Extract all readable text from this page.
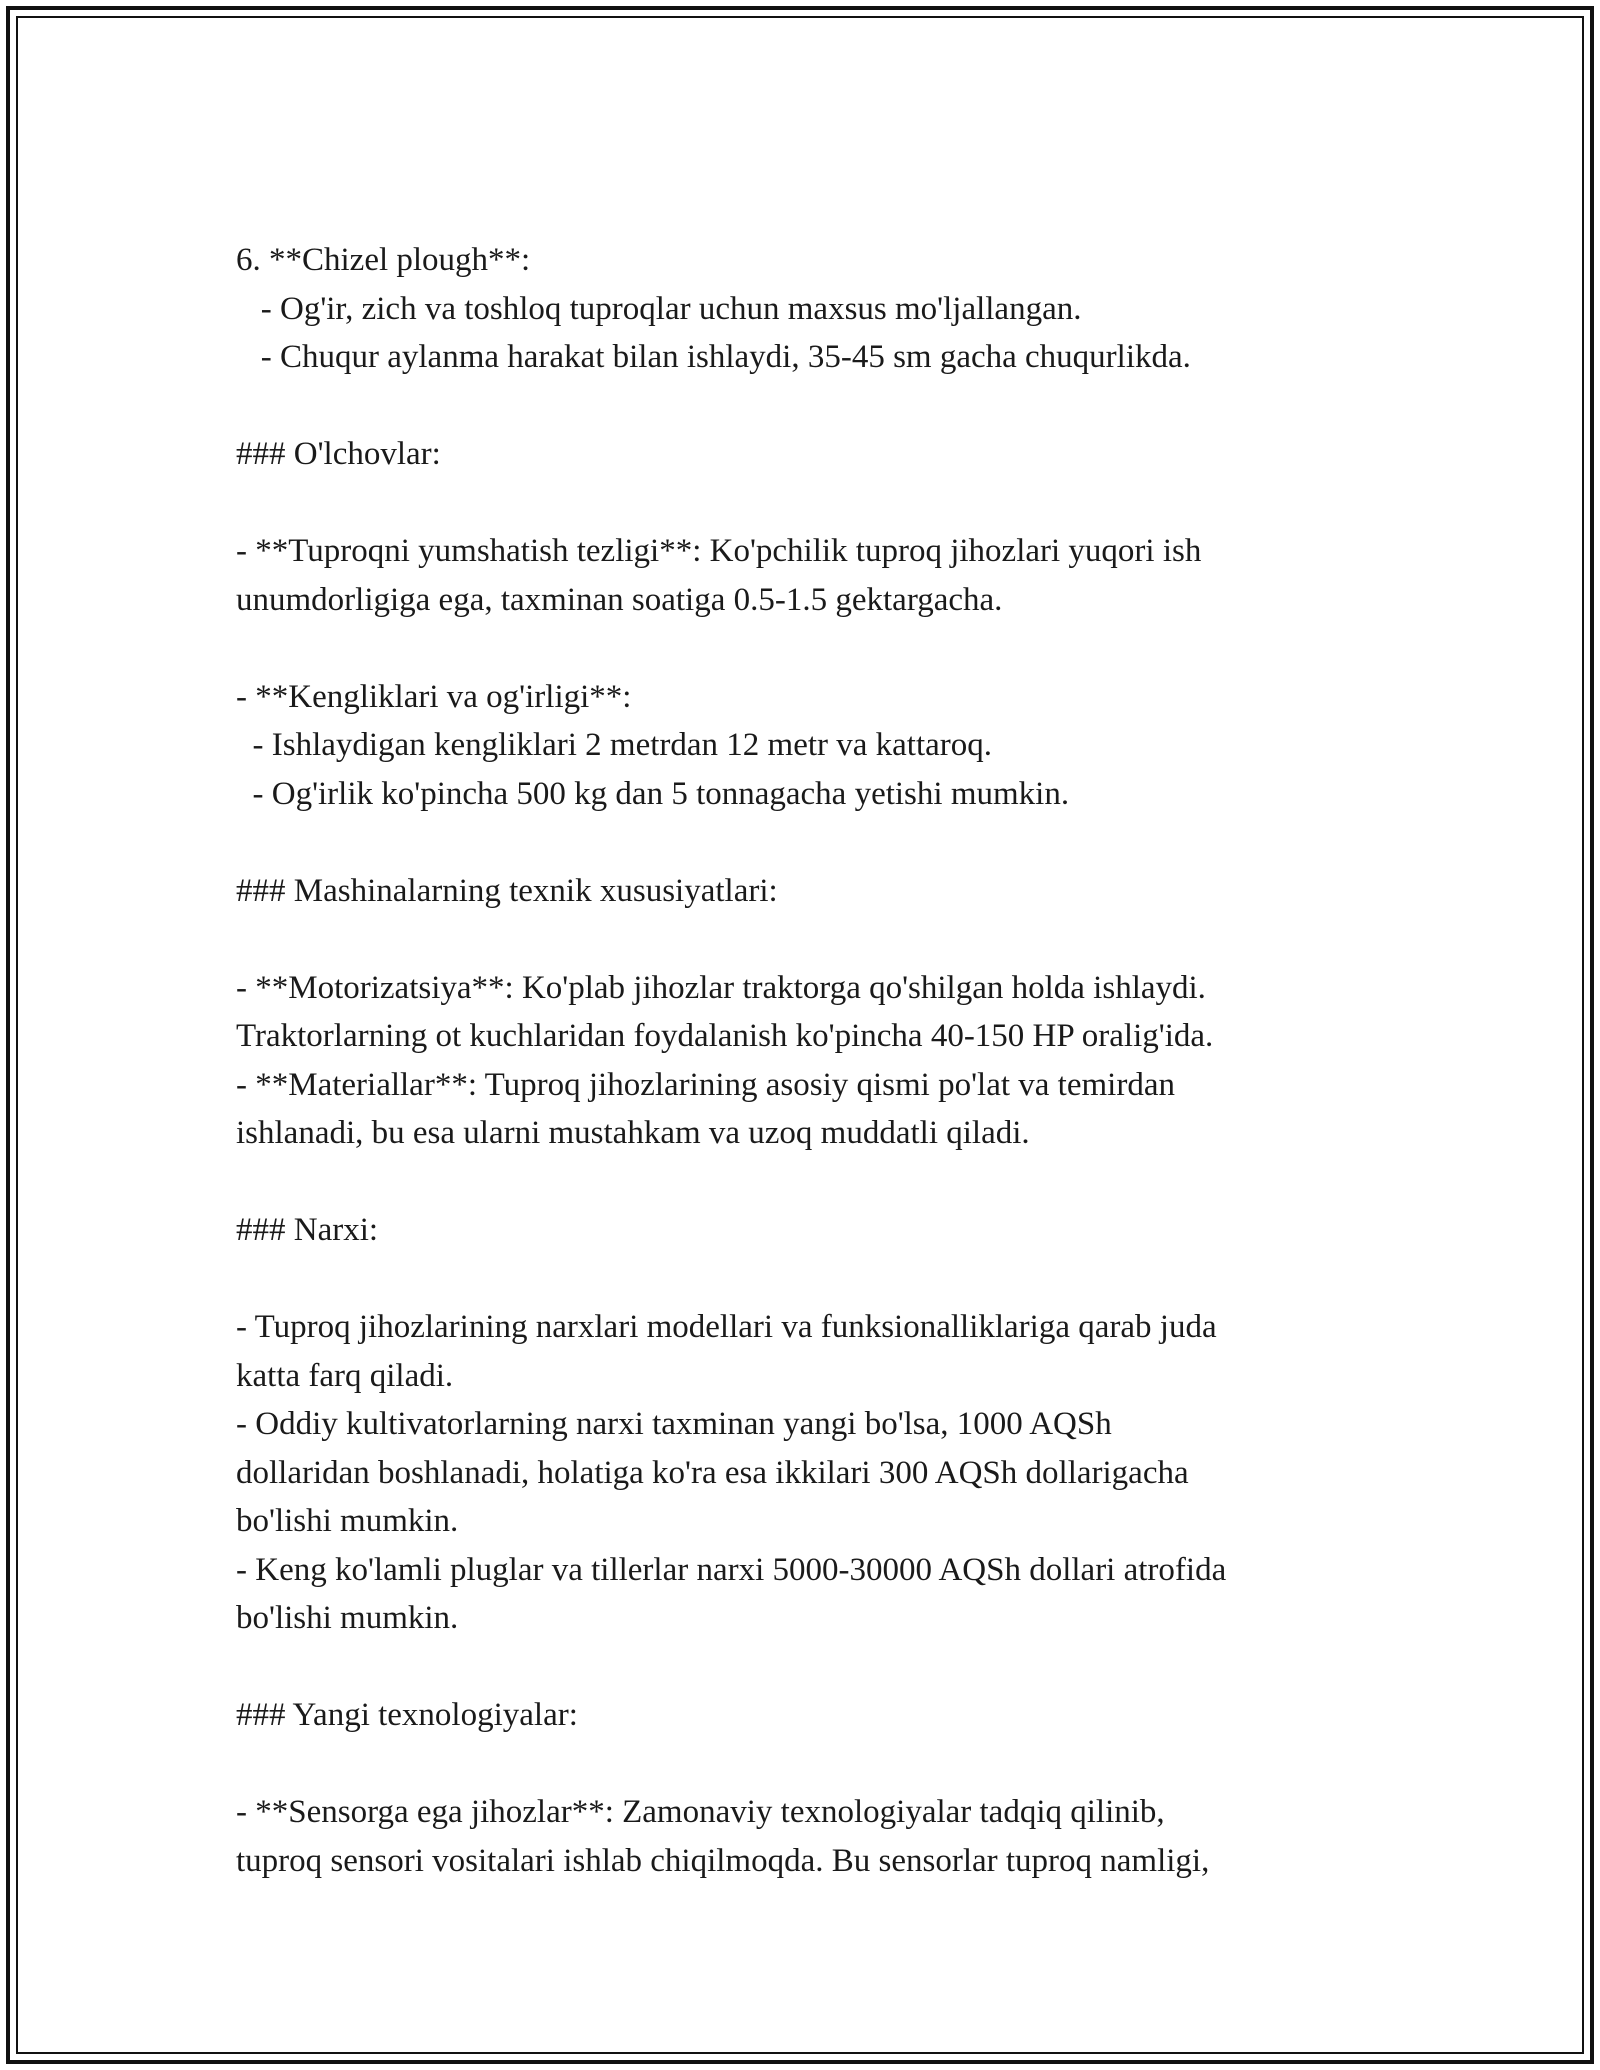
6. **Chizel plough**:
- Og'ir, zich va toshloq tuproqlar uchun maxsus mo'ljallangan.
- Chuqur aylanma harakat bilan ishlaydi, 35-45 sm gacha chuqurlikda.
### O'lchovlar:
- **Tuproqni yumshatish tezligi**: Ko'pchilik tuproq jihozlari yuqori ish
unumdorligiga ega, taxminan soatiga 0.5-1.5 gektargacha.
- **Kengliklari va og'irligi**:
- Ishlaydigan kengliklari 2 metrdan 12 metr va kattaroq.
- Og'irlik ko'pincha 500 kg dan 5 tonnagacha yetishi mumkin.
### Mashinalarning texnik xususiyatlari:
- **Motorizatsiya**: Ko'plab jihozlar traktorga qo'shilgan holda ishlaydi.
Traktorlarning ot kuchlaridan foydalanish ko'pincha 40-150 HP oralig'ida.
- **Materiallar**: Tuproq jihozlarining asosiy qismi po'lat va temirdan
ishlanadi, bu esa ularni mustahkam va uzoq muddatli qiladi.
### Narxi:
- Tuproq jihozlarining narxlari modellari va funksionalliklariga qarab juda
katta farq qiladi.
- Oddiy kultivatorlarning narxi taxminan yangi bo'lsa, 1000 AQSh
dollaridan boshlanadi, holatiga ko'ra esa ikkilari 300 AQSh dollarigacha
bo'lishi mumkin.
- Keng ko'lamli pluglar va tillerlar narxi 5000-30000 AQSh dollari atrofida
bo'lishi mumkin.
### Yangi texnologiyalar:
- **Sensorga ega jihozlar**: Zamonaviy texnologiyalar tadqiq qilinib,
tuproq sensori vositalari ishlab chiqilmoqda. Bu sensorlar tuproq namligi,
